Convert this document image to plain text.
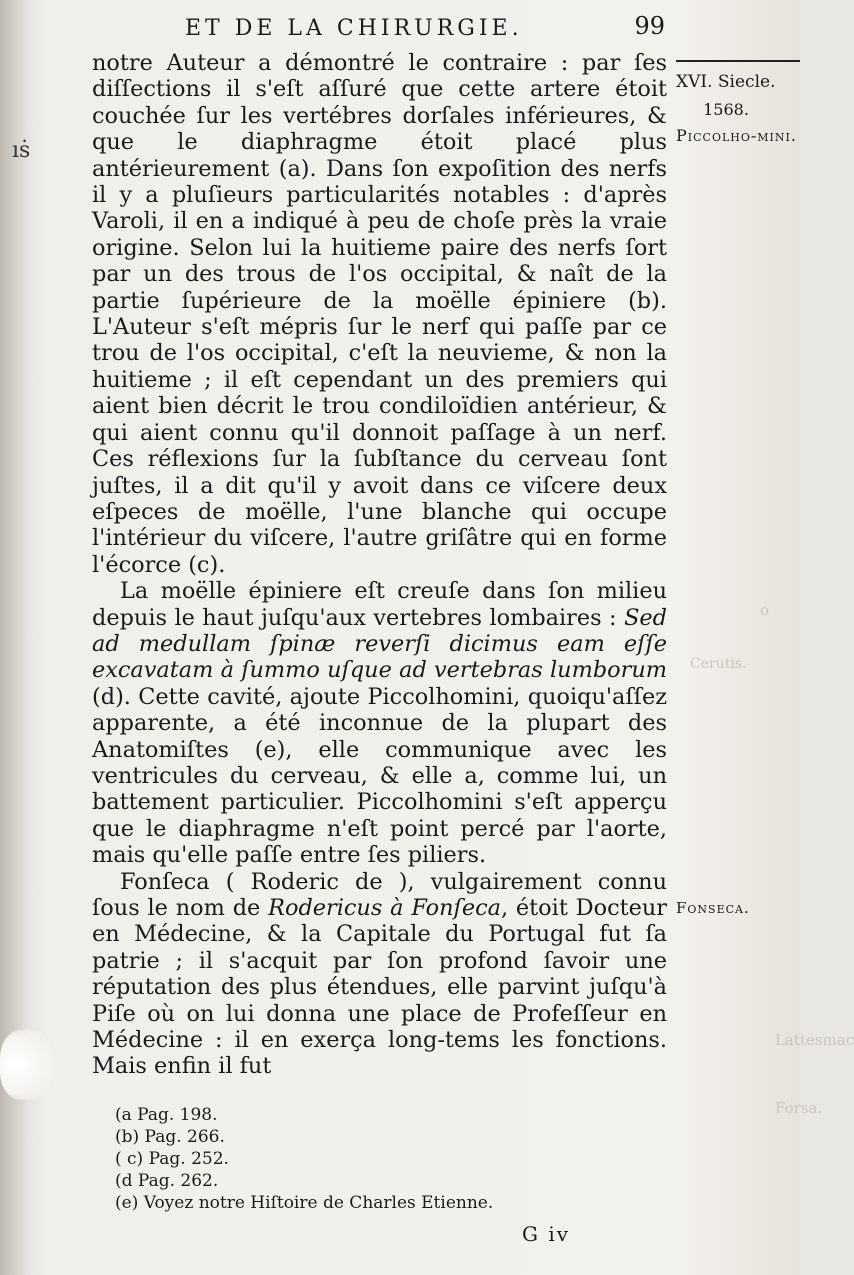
ıṡ
ET DE LA CHIRURGIE.	99

notre Auteur a démontré le contraire : par ſes diſſections il s'eſt aſſuré que cette artere étoit couchée ſur les vertébres dorſales inférieures, & que le diaphragme étoit placé plus antérieurement (a). Dans ſon expoſition des nerfs il y a pluſieurs particularités notables : d'après Varoli, il en a indiqué à peu de choſe près la vraie origine. Selon lui la huitieme paire des nerfs ſort par un des trous de l'os occipital, & naît de la partie ſupérieure de la moëlle épiniere (b). L'Auteur s'eſt mépris ſur le nerf qui paſſe par ce trou de l'os occipital, c'eſt la neuvieme, & non la huitieme ; il eſt cependant un des premiers qui aient bien décrit le trou condiloïdien antérieur, & qui aient connu qu'il donnoit paſſage à un nerf. Ces réflexions ſur la ſubſtance du cerveau ſont juſtes, il a dit qu'il y avoit dans ce viſcere deux eſpeces de moëlle, l'une blanche qui occupe l'intérieur du viſcere, l'autre griſâtre qui en forme l'écorce (c).

La moëlle épiniere eſt creuſe dans ſon milieu depuis le haut juſqu'aux vertebres lombaires : Sed ad medullam ſpinæ reverſi dicimus eam eſſe excavatam à ſummo uſque ad vertebras lumborum (d). Cette cavité, ajoute Piccolhomini, quoiqu'aſſez apparente, a été inconnue de la plupart des Anatomiſtes (e), elle communique avec les ventricules du cerveau, & elle a, comme lui, un battement particulier. Piccolhomini s'eſt apperçu que le diaphragme n'eſt point percé par l'aorte, mais qu'elle paſſe entre ſes piliers.

Fonſeca ( Roderic de ), vulgairement connu ſous le nom de Rodericus à Fonſeca, étoit Docteur en Médecine, & la Capitale du Portugal fut ſa patrie ; il s'acquit par ſon profond ſavoir une réputation des plus étendues, elle parvint juſqu'à Piſe où on lui donna une place de Profeſſeur en Médecine : il en exerça long-tems les fonctions. Mais enfin il fut

XVI. Siecle.
1568.
Piccolho-mini.
Fonseca.
o
Cerutis.
Lattesmac
Forsa.
(a Pag. 198.
(b) Pag. 266.
( c) Pag. 252.
(d Pag. 262.
(e) Voyez notre Hiſtoire de Charles Etienne.
G iv
